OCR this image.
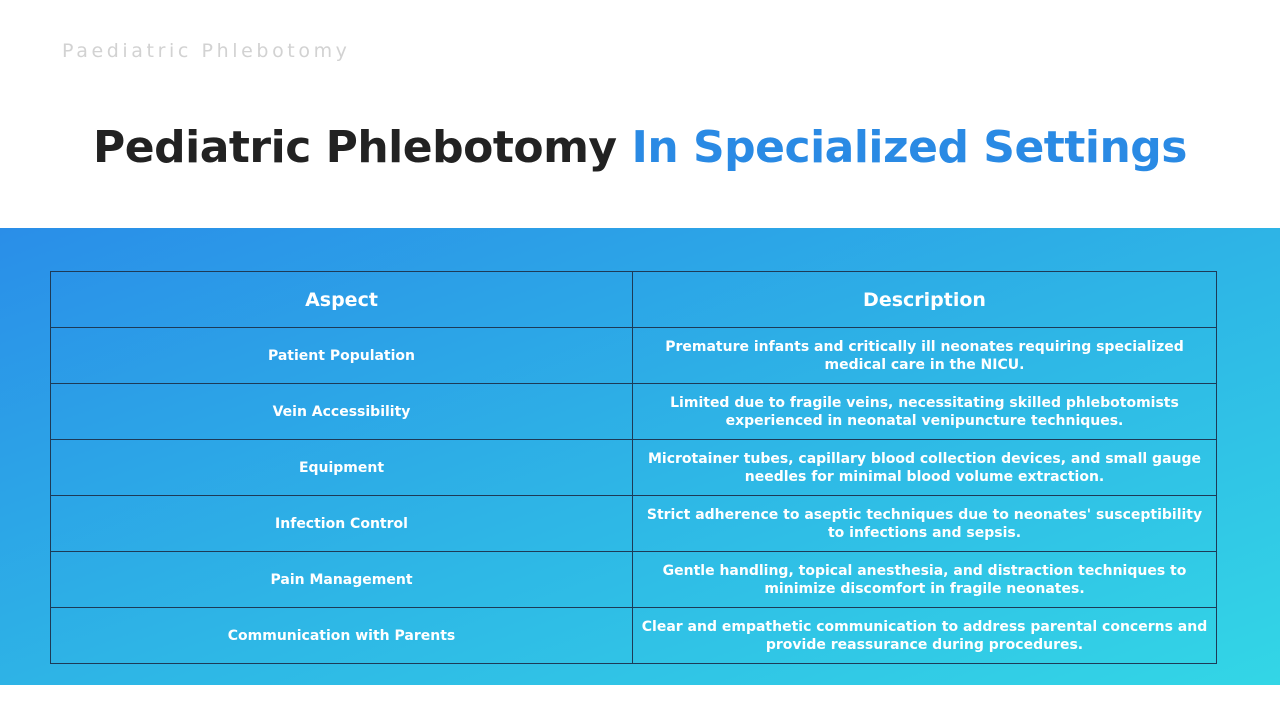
Paediatric Phlebotomy
Pediatric Phlebotomy In Specialized Settings
Aspect	Description
Patient Population	Premature infants and critically ill neonates requiring specialized medical care in the NICU.
Vein Accessibility	Limited due to fragile veins, necessitating skilled phlebotomists experienced in neonatal venipuncture techniques.
Equipment	Microtainer tubes, capillary blood collection devices, and small gauge needles for minimal blood volume extraction.
Infection Control	Strict adherence to aseptic techniques due to neonates' susceptibility to infections and sepsis.
Pain Management	Gentle handling, topical anesthesia, and distraction techniques to minimize discomfort in fragile neonates.
Communication with Parents	Clear and empathetic communication to address parental concerns and provide reassurance during procedures.
